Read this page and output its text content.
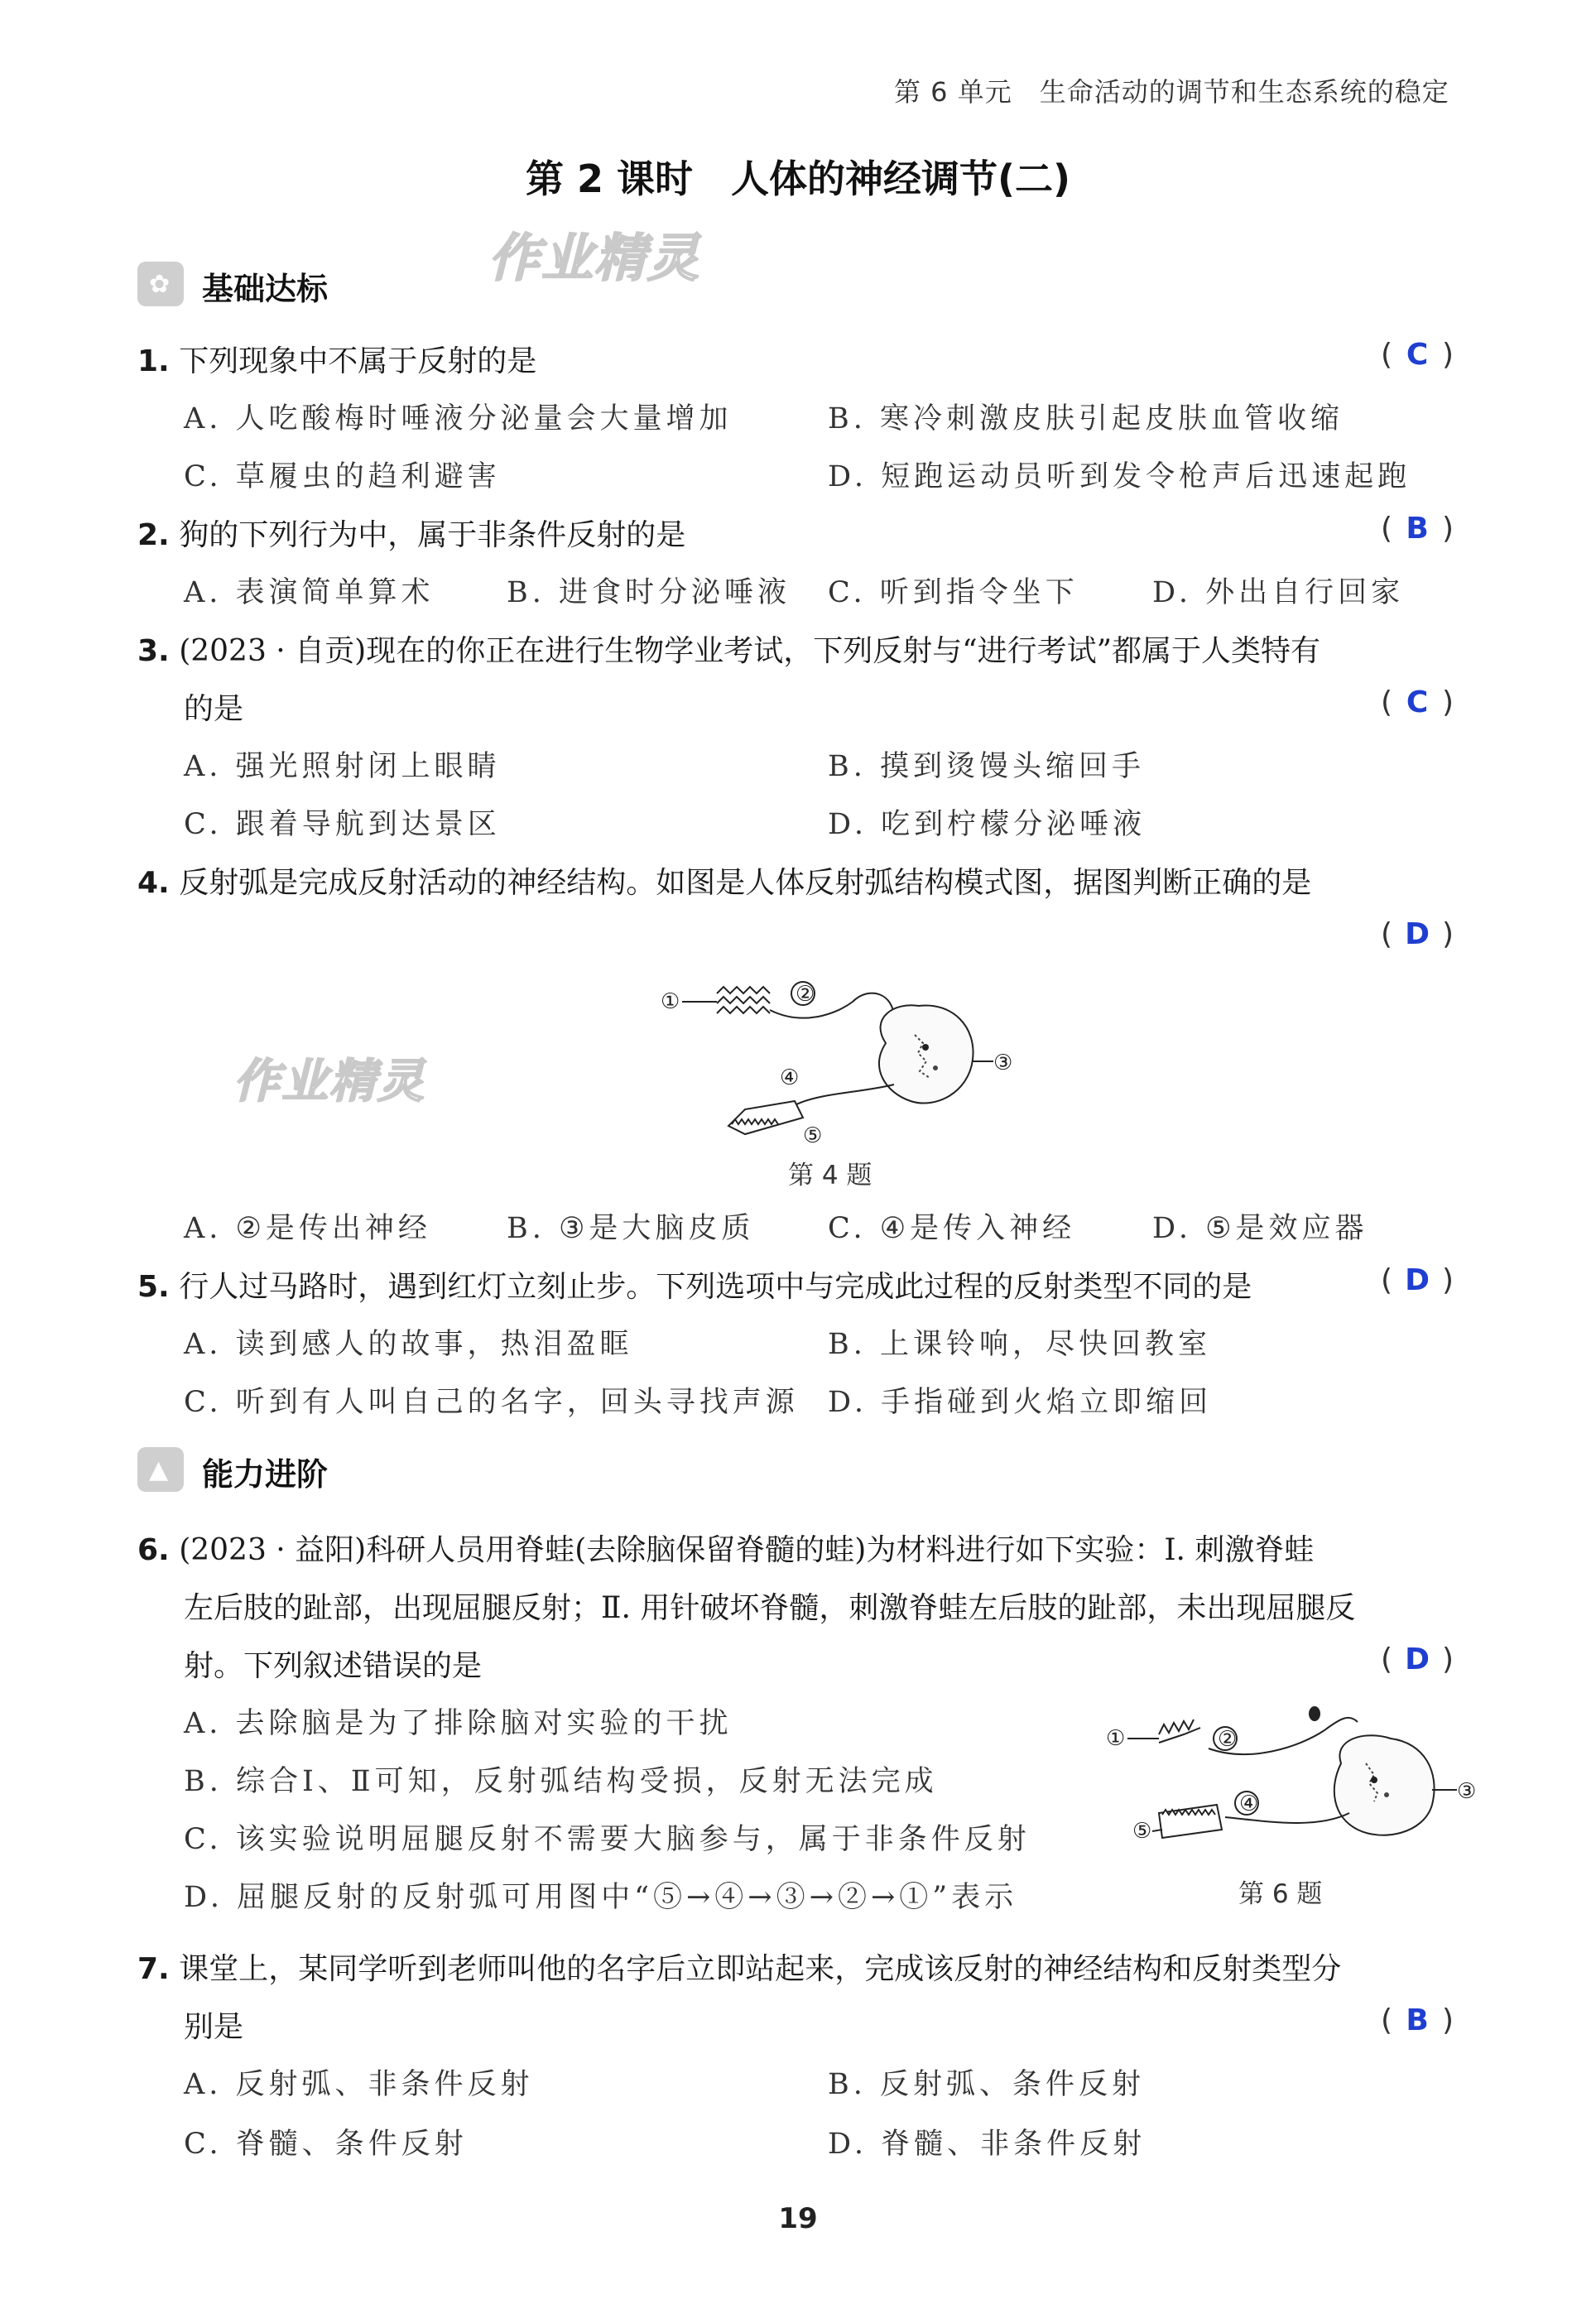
第 6 单元　生命活动的调节和生态系统的稳定
第 2 课时　人体的神经调节(二)
作业精灵
作业精灵
✿ 基础达标
1. 下列现象中不属于反射的是	( C )
A. 人吃酸梅时唾液分泌量会大量增加	B. 寒冷刺激皮肤引起皮肤血管收缩
C. 草履虫的趋利避害	D. 短跑运动员听到发令枪声后迅速起跑
2. 狗的下列行为中，属于非条件反射的是	( B )
A. 表演简单算术 B. 进食时分泌唾液 C. 听到指令坐下	D. 外出自行回家
3. (2023 · 自贡)现在的你正在进行生物学业考试，下列反射与“进行考试”都属于人类特有
的是	( C )
A. 强光照射闭上眼睛	B. 摸到烫馒头缩回手
C. 跟着导航到达景区	D. 吃到柠檬分泌唾液
4. 反射弧是完成反射活动的神经结构。如图是人体反射弧结构模式图，据图判断正确的是
( D )
①	②
③
④
⑤
第 4 题
A. ②是传出神经	B. ③是大脑皮质	C. ④是传入神经	D. ⑤是效应器
5. 行人过马路时，遇到红灯立刻止步。下列选项中与完成此过程的反射类型不同的是	( D )
A. 读到感人的故事，热泪盈眶	B. 上课铃响，尽快回教室
C. 听到有人叫自己的名字，回头寻找声源 D. 手指碰到火焰立即缩回
▲ 能力进阶
6. (2023 · 益阳)科研人员用脊蛙(去除脑保留脊髓的蛙)为材料进行如下实验：Ⅰ. 刺激脊蛙
左后肢的趾部，出现屈腿反射；Ⅱ. 用针破坏脊髓，刺激脊蛙左后肢的趾部，未出现屈腿反
射。下列叙述错误的是	( D )
A. 去除脑是为了排除脑对实验的干扰
B. 综合Ⅰ、Ⅱ可知，反射弧结构受损，反射无法完成
C. 该实验说明屈腿反射不需要大脑参与，属于非条件反射
D. 屈腿反射的反射弧可用图中“⑤→④→③→②→①”表示
①	②
③
④
⑤
第 6 题
7. 课堂上，某同学听到老师叫他的名字后立即站起来，完成该反射的神经结构和反射类型分
别是	( B )
A. 反射弧、非条件反射	B. 反射弧、条件反射
C. 脊髓、条件反射	D. 脊髓、非条件反射
19
